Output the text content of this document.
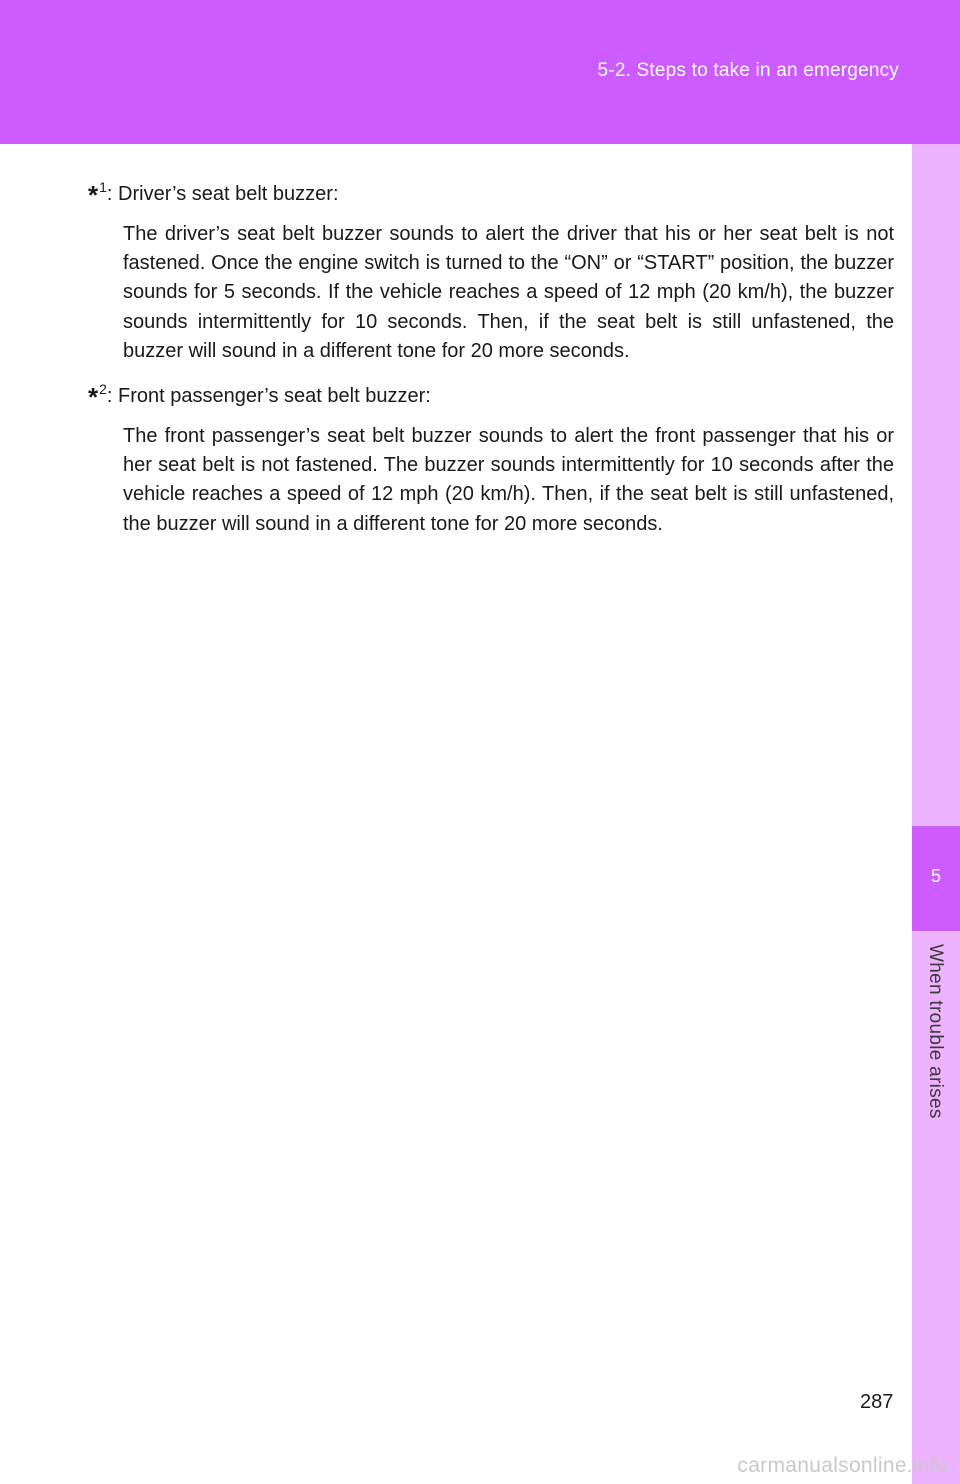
5-2. Steps to take in an emergency
5
When trouble arises
*$^1$: Driver’s seat belt buzzer:

The driver’s seat belt buzzer sounds to alert the driver that his or her seat belt is not fastened. Once the engine switch is turned to the “ON” or “START” position, the buzzer sounds for 5 seconds. If the vehicle reaches a speed of 12 mph (20 km/h), the buzzer sounds intermittently for 10 seconds. Then, if the seat belt is still unfastened, the buzzer will sound in a different tone for 20 more seconds.

*$^2$: Front passenger’s seat belt buzzer:

The front passenger’s seat belt buzzer sounds to alert the front passenger that his or her seat belt is not fastened. The buzzer sounds intermittently for 10 seconds after the vehicle reaches a speed of 12 mph (20 km/h). Then, if the seat belt is still unfastened, the buzzer will sound in a different tone for 20 more seconds.

287
carmanualsonline.info
